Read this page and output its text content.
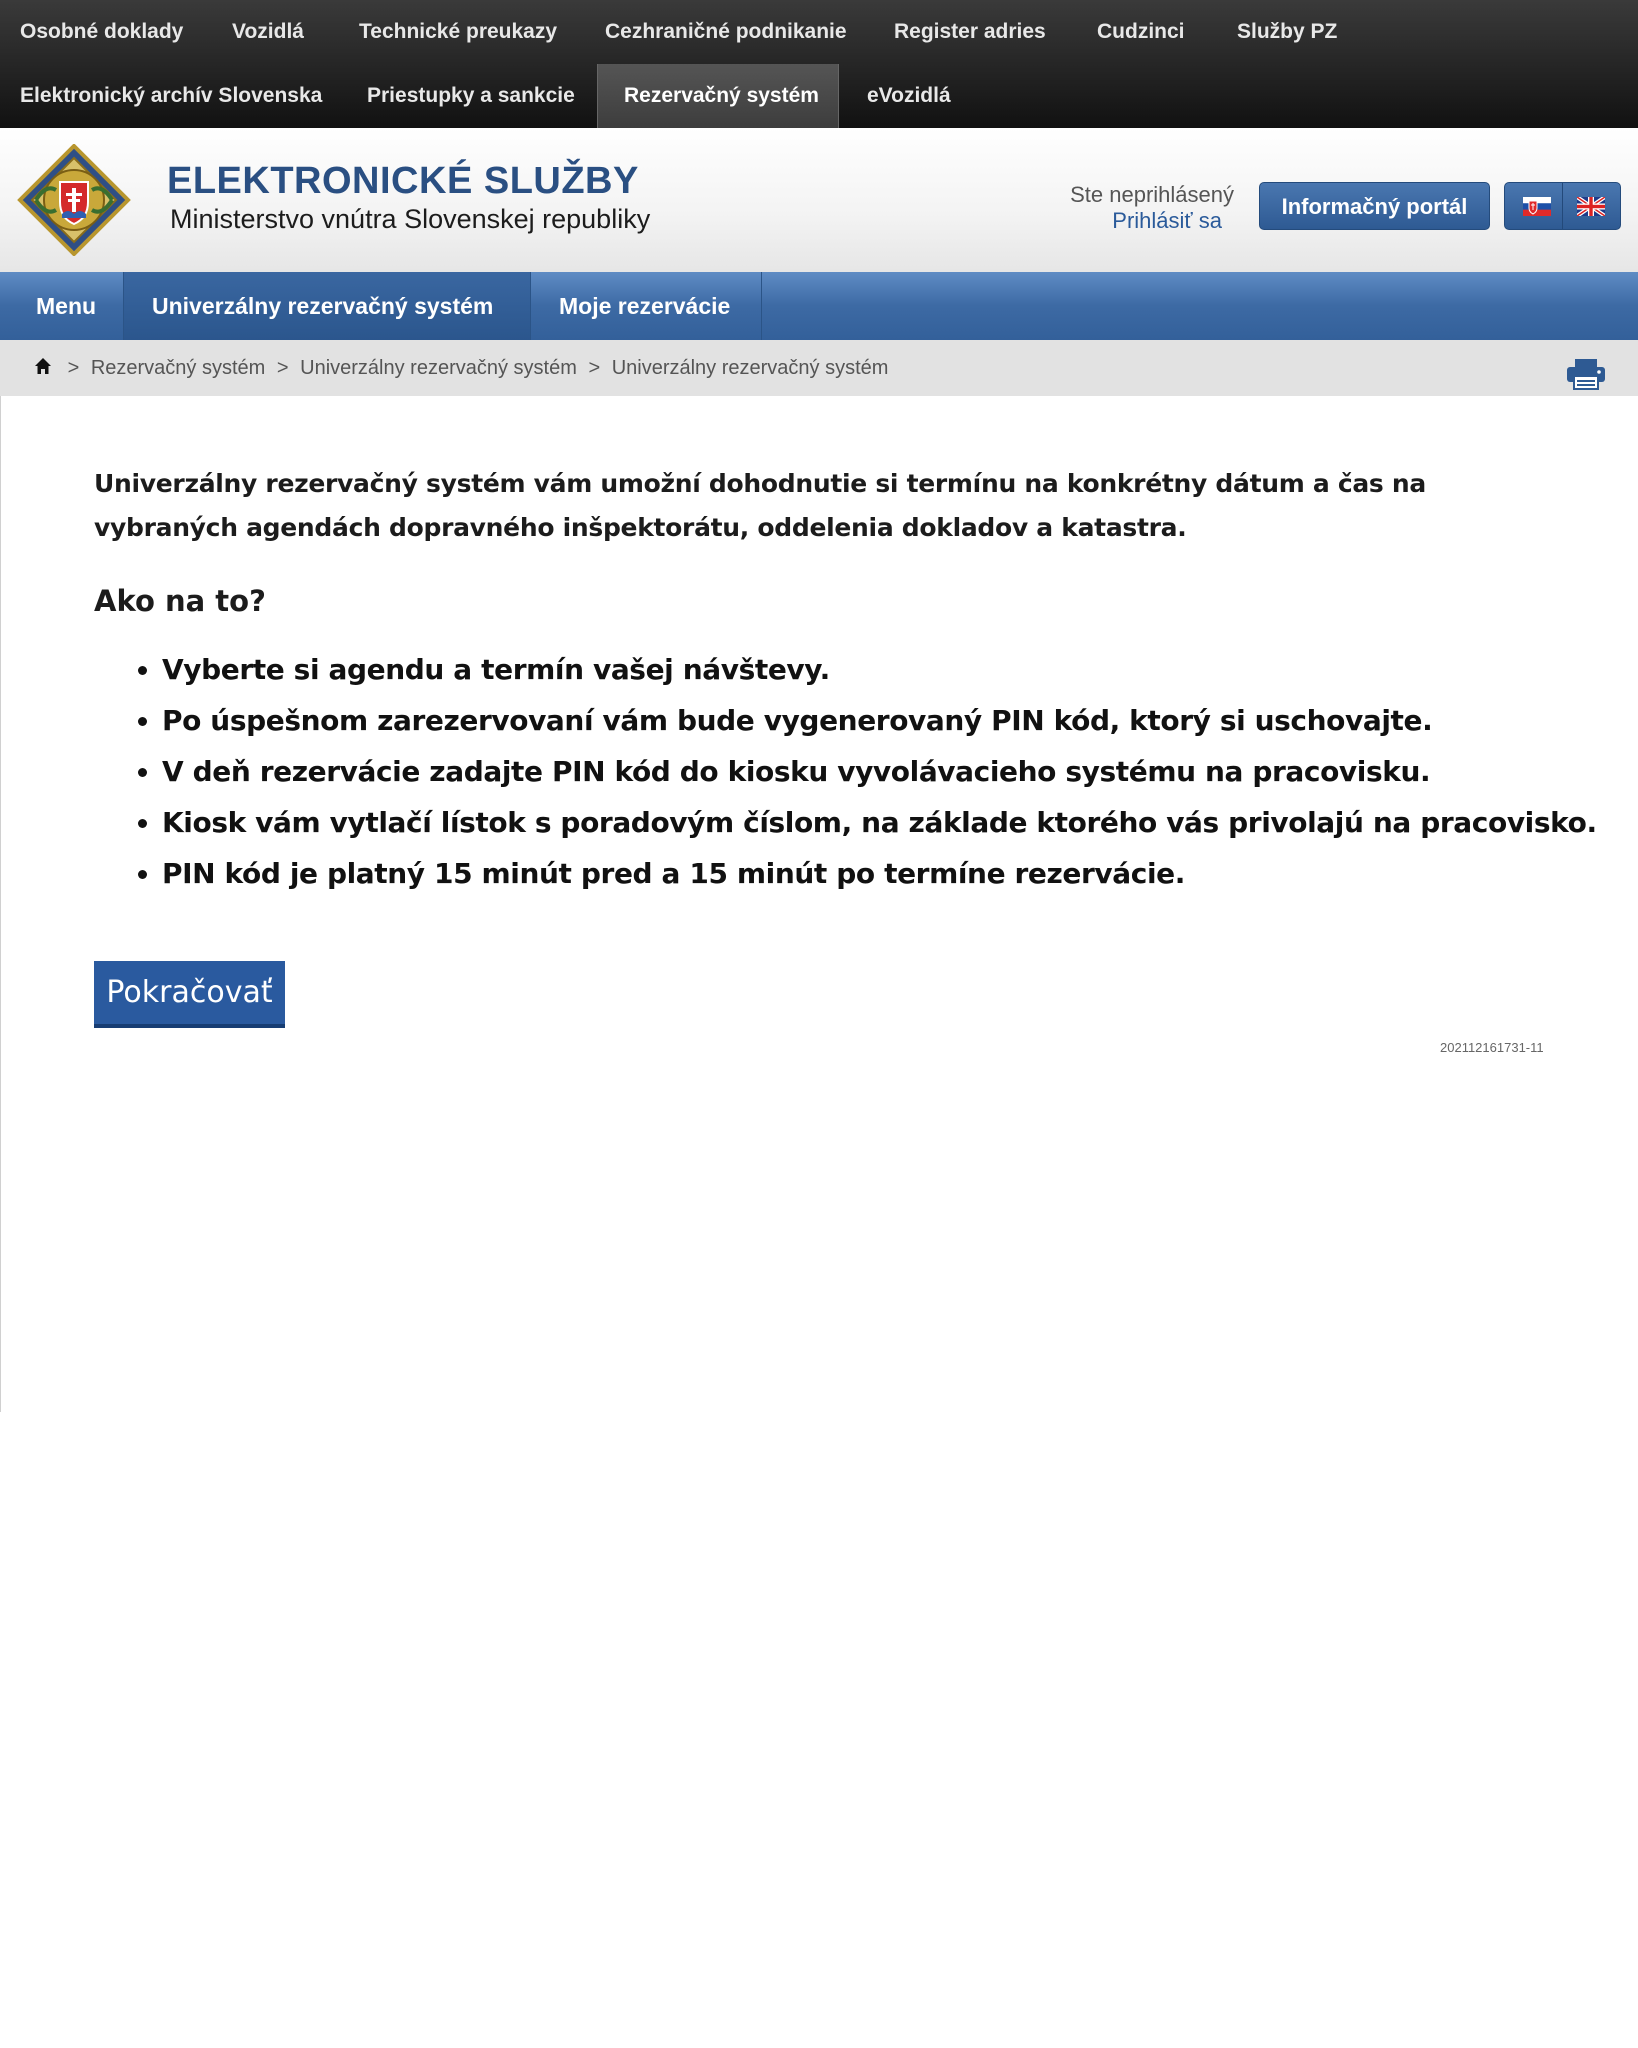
Osobné doklady	Vozidlá	Technické preukazy	Cezhraničné podnikanie	Register adries	Cudzinci	Služby PZ
Elektronický archív Slovenska	Priestupky a sankcie	Rezervačný systém	eVozidlá
ELEKTRONICKÉ SLUŽBY
Ministerstvo vnútra Slovenskej republiky
Ste neprihlásený
Prihlásiť sa
Informačný portál
Menu	Univerzálny rezervačný systém	Moje rezervácie
> Rezervačný systém > Univerzálny rezervačný systém > Univerzálny rezervačný systém
Univerzálny rezervačný systém vám umožní dohodnutie si termínu na konkrétny dátum a čas na vybraných agendách dopravného inšpektorátu, oddelenia dokladov a katastra.
Ako na to?
• Vyberte si agendu a termín vašej návštevy.
• Po úspešnom zarezervovaní vám bude vygenerovaný PIN kód, ktorý si uschovajte.
• V deň rezervácie zadajte PIN kód do kiosku vyvolávacieho systému na pracovisku.
• Kiosk vám vytlačí lístok s poradovým číslom, na základe ktorého vás privolajú na pracovisko.
• PIN kód je platný 15 minút pred a 15 minút po termíne rezervácie.
Pokračovať
202112161731-11
